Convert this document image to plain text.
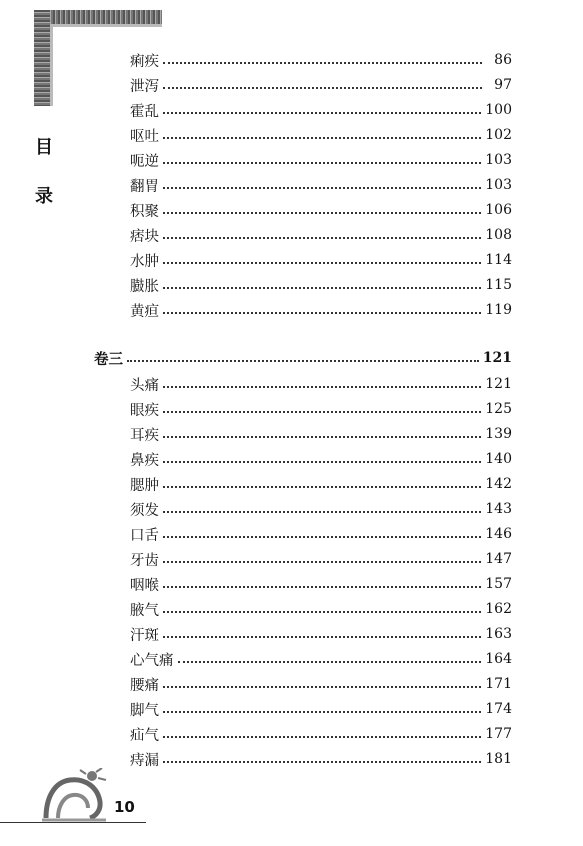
目
录
痢疾	86
泄泻	97
霍乱	100
呕吐	102
呃逆	103
翻胃	103
积聚	106
痞块	108
水肿	114
臌胀	115
黄疸	119
卷三	121
头痛	121
眼疾	125
耳疾	139
鼻疾	140
腮肿	142
须发	143
口舌	146
牙齿	147
咽喉	157
腋气	162
汗斑	163
心气痛	164
腰痛	171
脚气	174
疝气	177
痔漏	181
10
